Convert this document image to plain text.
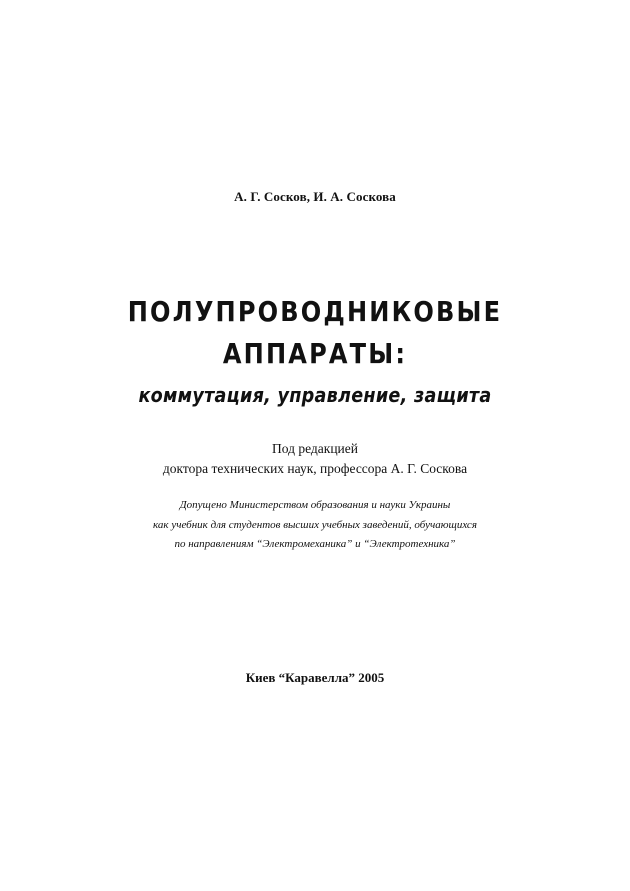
А. Г. Сосков, И. А. Соскова
ПОЛУПРОВОДНИКОВЫЕ
АППАРАТЫ:
коммутация, управление, защита
Под редакцией
доктора технических наук, профессора А. Г. Соскова
Допущено Министерством образования и науки Украины
как учебник для студентов высших учебных заведений, обучающихся
по направлениям “Электромеханика” и “Электротехника”
Киев “Каравелла” 2005
